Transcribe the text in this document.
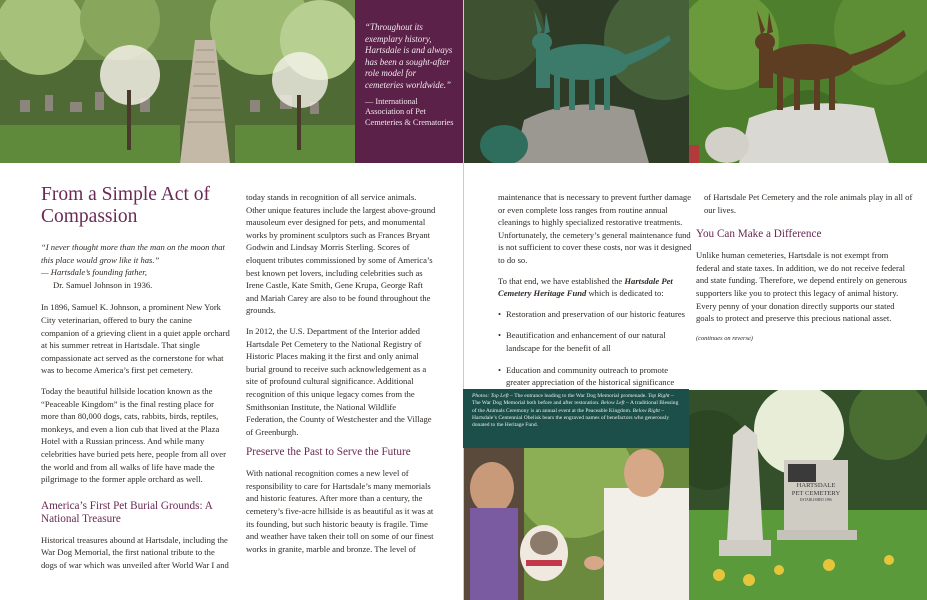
“Throughout its exemplary history, Hartsdale is and always has been a sought-after role model for cemeteries worldwide.”

— International Association of Pet Cemeteries & Crematories

From a Simple Act of Compassion

“I never thought more than the man on the moon that this place would grow like it has.”

— Hartsdale’s founding father,

Dr. Samuel Johnson in 1936.

In 1896, Samuel K. Johnson, a prominent New York City veterinarian, offered to bury the canine companion of a grieving client in a quiet apple orchard at his summer retreat in Hartsdale. That single compassionate act served as the cornerstone for what was to become America’s first pet cemetery.

Today the beautiful hillside location known as the “Peaceable Kingdom” is the final resting place for more than 80,000 dogs, cats, rabbits, birds, reptiles, monkeys, and even a lion cub that lived at the Plaza Hotel with a Russian princess. And while many celebrities have buried pets here, people from all over the world and from all walks of life have made the pilgrimage to the former apple orchard as well.

America’s First Pet Burial Grounds: A National Treasure

Historical treasures abound at Hartsdale, including the War Dog Memorial, the first national tribute to the dogs of war which was unveiled after World War I and

today stands in recognition of all service animals. Other unique features include the largest above-ground mausoleum ever designed for pets, and monumental works by prominent sculptors such as Frances Bryant Godwin and Lindsay Morris Sterling. Scores of eloquent tributes commissioned by some of America’s best known pet lovers, including celebrities such as Irene Castle, Kate Smith, Gene Krupa, George Raft and Mariah Carey are also to be found throughout the grounds.

In 2012, the U.S. Department of the Interior added Hartsdale Pet Cemetery to the National Registry of Historic Places making it the first and only animal burial ground to receive such acknowledgement as a site of profound cultural significance. Additional recognition of this unique legacy comes from the Smithsonian Institute, the National Wildlife Federation, the County of Westchester and the Village of Greenburgh.

Preserve the Past to Serve the Future

With national recognition comes a new level of responsibility to care for Hartsdale’s many memorials and historic features. After more than a century, the cemetery’s five-acre hillside is as beautiful as it was at its founding, but such historic beauty is fragile. Time and weather have taken their toll on some of our finest works in granite, marble and bronze. The level of

maintenance that is necessary to prevent further damage or even complete loss ranges from routine annual cleanings to highly specialized restorative treatments. Unfortunately, the cemetery’s general maintenance fund is not sufficient to cover these costs, nor was it designed to do so.

To that end, we have established the Hartsdale Pet Cemetery Heritage Fund which is dedicated to:

• Restoration and preservation of our historic features
• Beautification and enhancement of our natural landscape for the benefit of all
• Education and community outreach to promote greater appreciation of the historical significance

of Hartsdale Pet Cemetery and the role animals play in all of our lives.

You Can Make a Difference

Unlike human cemeteries, Hartsdale is not exempt from federal and state taxes. In addition, we do not receive federal and state funding. Therefore, we depend entirely on generous supporters like you to protect this legacy of animal history. Every penny of your donation directly supports our stated goals to protect and preserve this precious national asset.

(continues on reverse)

HARTSDALE
PET CEMETERY
ESTABLISHED 1896
Photos: Top Left – The entrance leading to the War Dog Memorial promenade. Top Right – The War Dog Memorial both before and after restoration. Below Left – A traditional Blessing of the Animals Ceremony is an annual event at the Peaceable Kingdom. Below Right – Hartsdale’s Centennial Obelisk bears the engraved names of benefactors who generously donated to the Heritage Fund.
